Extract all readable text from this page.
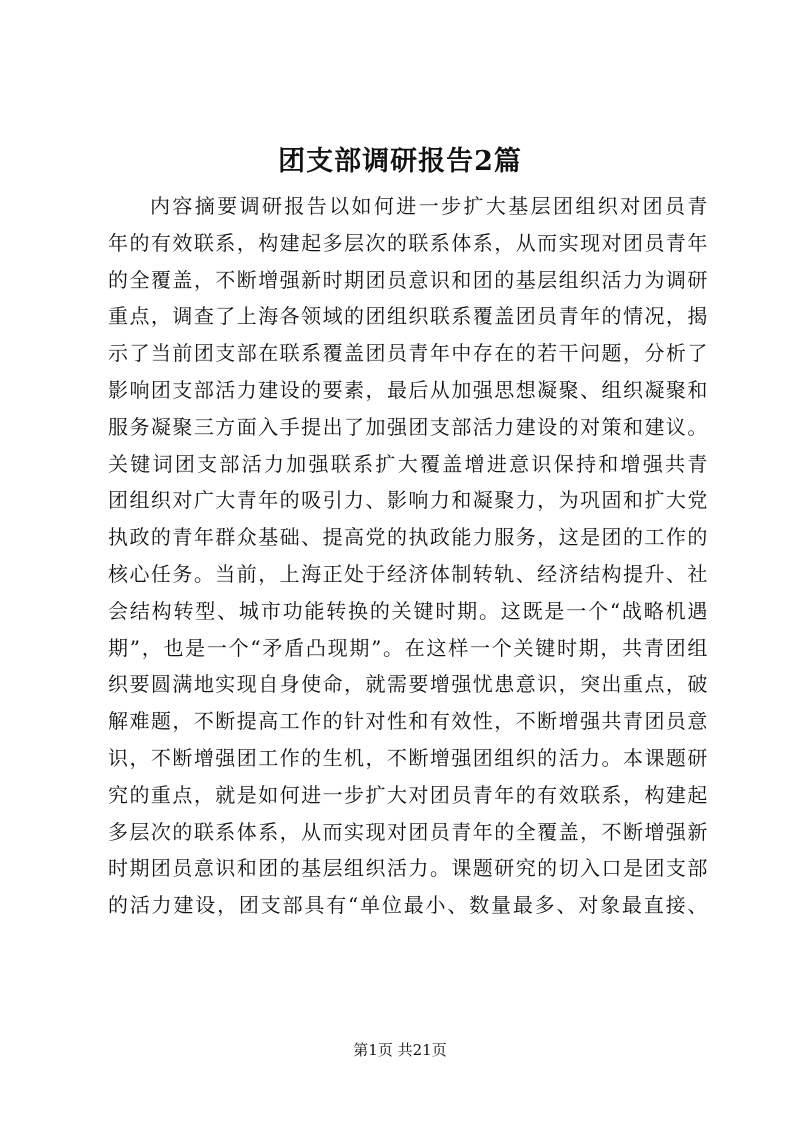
团支部调研报告2篇
内容摘要调研报告以如何进一步扩大基层团组织对团员青
年的有效联系，构建起多层次的联系体系，从而实现对团员青年
的全覆盖，不断增强新时期团员意识和团的基层组织活力为调研
重点，调查了上海各领域的团组织联系覆盖团员青年的情况，揭
示了当前团支部在联系覆盖团员青年中存在的若干问题，分析了
影响团支部活力建设的要素，最后从加强思想凝聚、组织凝聚和
服务凝聚三方面入手提出了加强团支部活力建设的对策和建议。
关键词团支部活力加强联系扩大覆盖增进意识保持和增强共青
团组织对广大青年的吸引力、影响力和凝聚力，为巩固和扩大党
执政的青年群众基础、提高党的执政能力服务，这是团的工作的
核心任务。当前，上海正处于经济体制转轨、经济结构提升、社
会结构转型、城市功能转换的关键时期。这既是一个“战略机遇
期”，也是一个“矛盾凸现期”。在这样一个关键时期，共青团组
织要圆满地实现自身使命，就需要增强忧患意识，突出重点，破
解难题，不断提高工作的针对性和有效性，不断增强共青团员意
识，不断增强团工作的生机，不断增强团组织的活力。本课题研
究的重点，就是如何进一步扩大对团员青年的有效联系，构建起
多层次的联系体系，从而实现对团员青年的全覆盖，不断增强新
时期团员意识和团的基层组织活力。课题研究的切入口是团支部
的活力建设，团支部具有“单位最小、数量最多、对象最直接、
第1页 共21页
